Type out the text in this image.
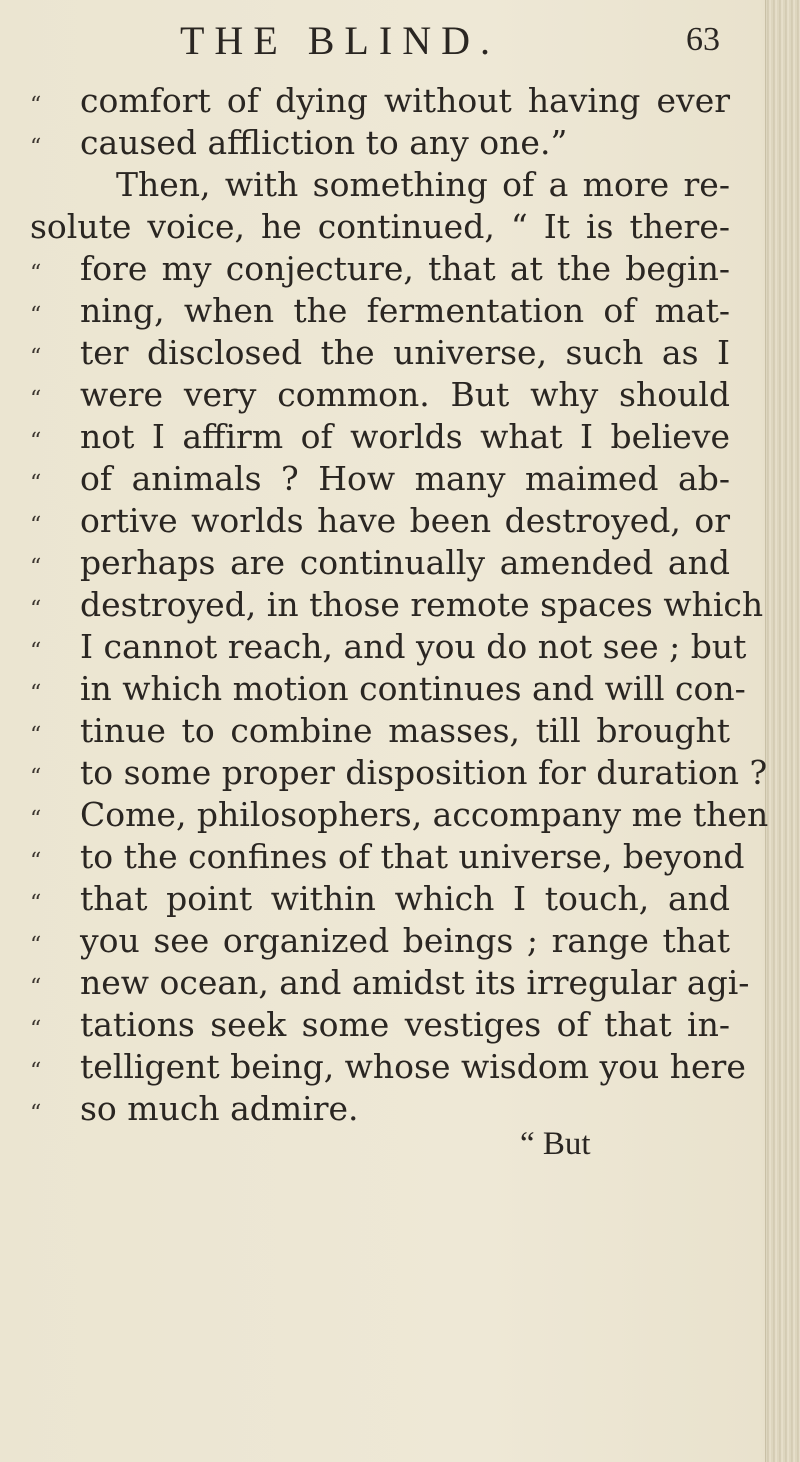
THE BLIND.	63
“	comfort of dying without having ever
“	caused affliction to any one.”
Then, with something of a more re-
solute voice, he continued, “ It is there-
“	fore my conjecture, that at the begin-
“	ning, when the fermentation of mat-
“	ter disclosed the universe, such as I
“	were very common. But why should
“	not I affirm of worlds what I believe
“	of animals ? How many maimed ab-
“	ortive worlds have been destroyed, or
“	perhaps are continually amended and
“	destroyed, in those remote spaces which
“	I cannot reach, and you do not see ; but
“	in which motion continues and will con-
“	tinue to combine masses, till brought
“	to some proper disposition for duration ?
“	Come, philosophers, accompany me then
“	to the confines of that universe, beyond
“	that point within which I touch, and
“	you see organized beings ; range that
“	new ocean, and amidst its irregular agi-
“	tations seek some vestiges of that in-
“	telligent being, whose wisdom you here
“	so much admire.
“ But
